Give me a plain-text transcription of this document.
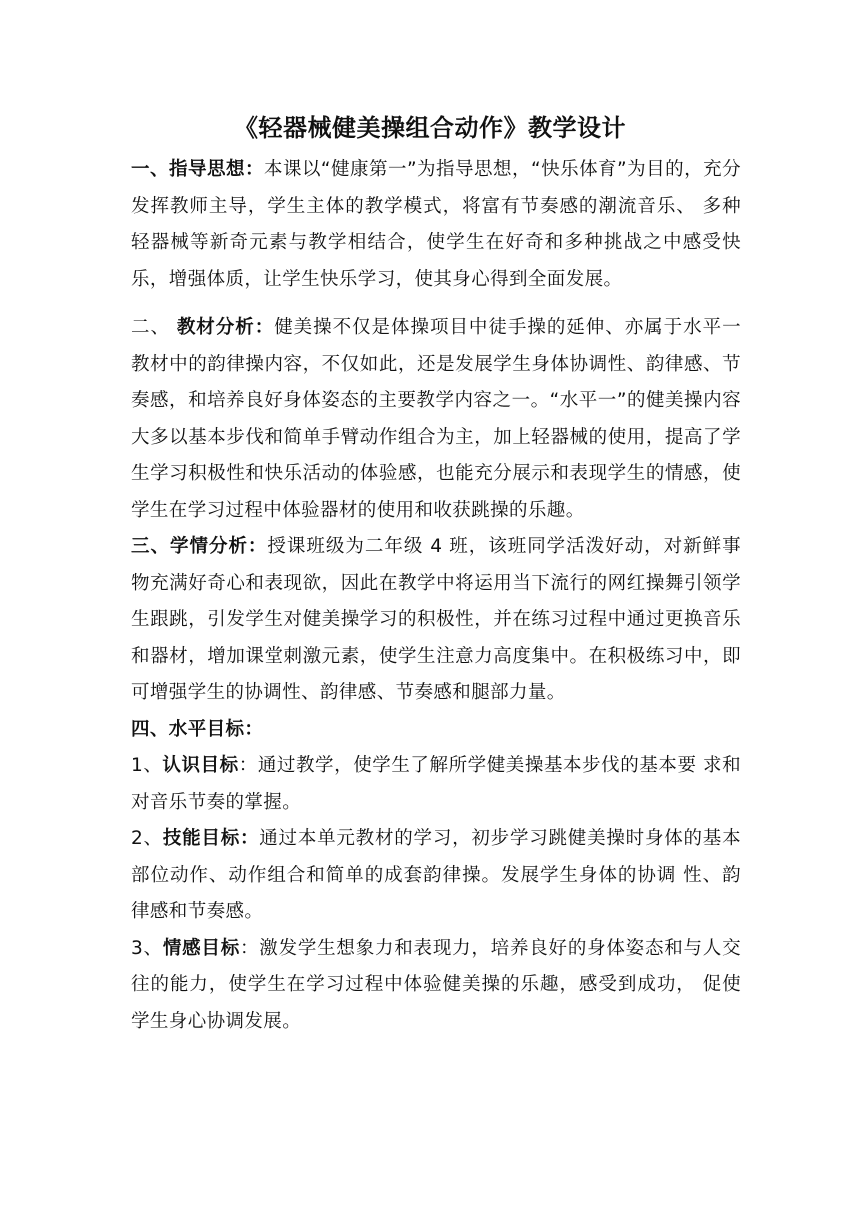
《轻器械健美操组合动作》教学设计

一、指导思想：本课以“健康第一”为指导思想，“快乐体育”为目的，充分发挥教师主导，学生主体的教学模式，将富有节奏感的潮流音乐、 多种轻器械等新奇元素与教学相结合，使学生在好奇和多种挑战之中感受快乐，增强体质，让学生快乐学习，使其身心得到全面发展。

二、 教材分析：健美操不仅是体操项目中徒手操的延伸、亦属于水平一教材中的韵律操内容，不仅如此，还是发展学生身体协调性、韵律感、节奏感，和培养良好身体姿态的主要教学内容之一。“水平一”的健美操内容大多以基本步伐和简单手臂动作组合为主，加上轻器械的使用，提高了学生学习积极性和快乐活动的体验感，也能充分展示和表现学生的情感，使学生在学习过程中体验器材的使用和收获跳操的乐趣。

三、学情分析：授课班级为二年级 4 班，该班同学活泼好动，对新鲜事物充满好奇心和表现欲，因此在教学中将运用当下流行的网红操舞引领学生跟跳，引发学生对健美操学习的积极性，并在练习过程中通过更换音乐和器材，增加课堂刺激元素，使学生注意力高度集中。在积极练习中，即可增强学生的协调性、韵律感、节奏感和腿部力量。

四、水平目标：

1、认识目标：通过教学，使学生了解所学健美操基本步伐的基本要 求和对音乐节奏的掌握。

2、技能目标：通过本单元教材的学习，初步学习跳健美操时身体的基本部位动作、动作组合和简单的成套韵律操。发展学生身体的协调 性、韵律感和节奏感。

3、情感目标：激发学生想象力和表现力，培养良好的身体姿态和与人交往的能力，使学生在学习过程中体验健美操的乐趣，感受到成功， 促使学生身心协调发展。
